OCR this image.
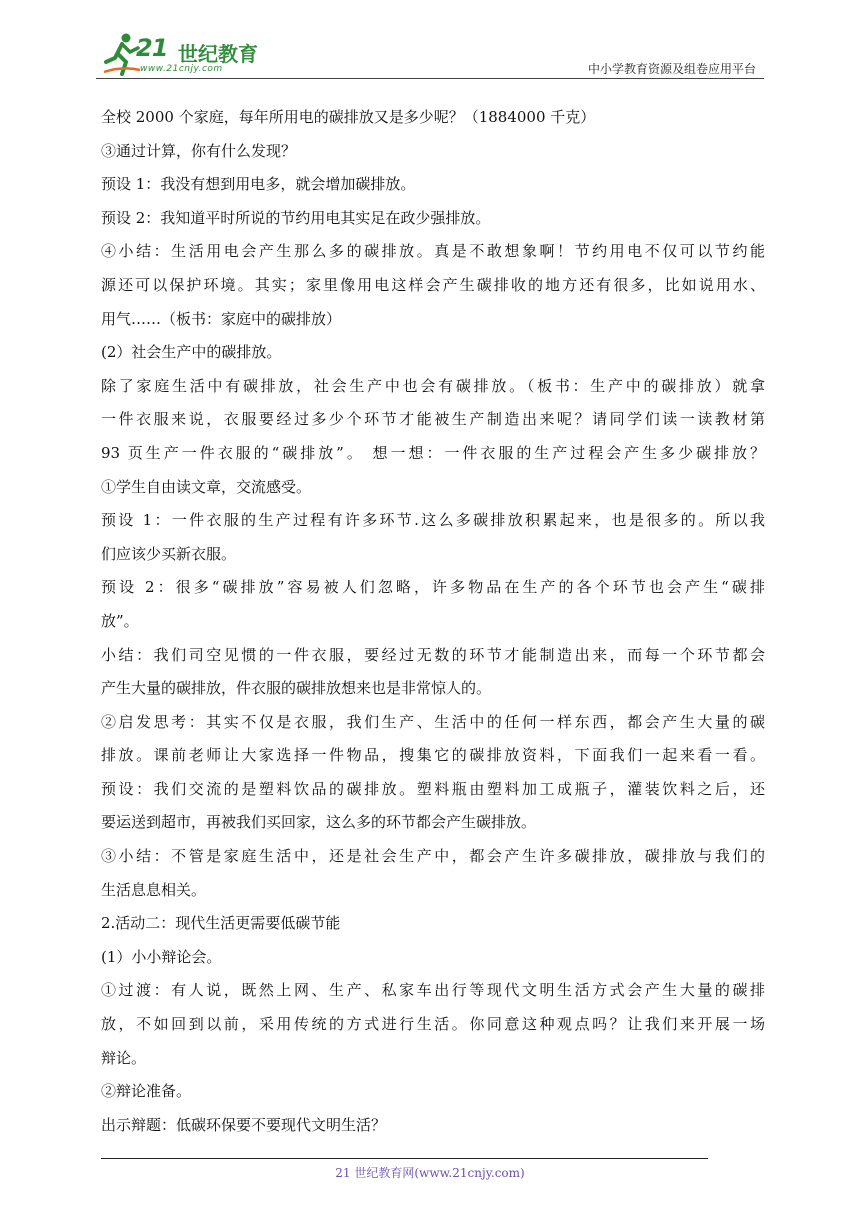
21 世纪教育
www.21cnjy.com	中小学教育资源及组卷应用平台
全校 2000 个家庭，每年所用电的碳排放又是多少呢？（1884000 千克）
③通过计算，你有什么发现？
预设 1：我没有想到用电多，就会增加碳排放。
预设 2：我知道平时所说的节约用电其实足在政少强排放。
④小结：生活用电会产生那么多的碳排放。真是不敢想象啊！节约用电不仅可以节约能
源还可以保护环境。其实；家里像用电这样会产生碳排收的地方还有很多，比如说用水、
用气……（板书：家庭中的碳排放）
(2）社会生产中的碳排放。
除了家庭生活中有碳排放，社会生产中也会有碳排放。（板书：生产中的碳排放）就拿
一件衣服来说，衣服要经过多少个环节才能被生产制造出来呢？请同学们读一读教材第
93 页生产一件衣服的“碳排放”。 想一想：一件衣服的生产过程会产生多少碳排放？
①学生自由读文章，交流感受。
预设 1：一件衣服的生产过程有许多环节.这么多碳排放积累起来，也是很多的。所以我
们应该少买新衣服。
预设 2：很多“碳排放”容易被人们忽略，许多物品在生产的各个环节也会产生“碳排
放”。
小结：我们司空见惯的一件衣服，要经过无数的环节才能制造出来，而每一个环节都会
产生大量的碳排放，件衣服的碳排放想来也是非常惊人的。
②启发思考：其实不仅是衣服，我们生产、生活中的任何一样东西，都会产生大量的碳
排放。课前老师让大家选择一件物品，搜集它的碳排放资料，下面我们一起来看一看。
预设：我们交流的是塑料饮品的碳排放。塑料瓶由塑料加工成瓶子，灌装饮料之后，还
要运送到超市，再被我们买回家，这么多的环节都会产生碳排放。
③小结：不管是家庭生活中，还是社会生产中，都会产生许多碳排放，碳排放与我们的
生活息息相关。
2.活动二：现代生活更需要低碳节能
(1）小小辩论会。
①过渡：有人说，既然上网、生产、私家车出行等现代文明生活方式会产生大量的碳排
放，不如回到以前，采用传统的方式进行生活。你同意这种观点吗？让我们来开展一场
辩论。
②辩论准备。
出示辩题：低碳环保要不要现代文明生活？
21 世纪教育网(www.21cnjy.com)
